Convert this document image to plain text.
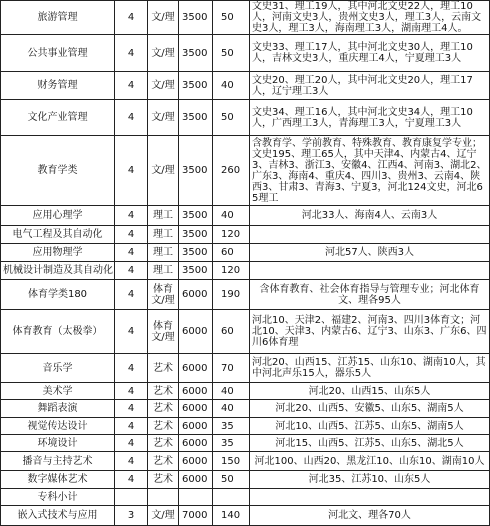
旅游管理	4	文/理	3500	50	文史31、理工19人，其中河北文史22人，理工10人，河南文史3人，贵州文史3人，理工3人，云南文史3人，理工3人，海南理工3人，湖南理工4人。
公共事业管理	4	文/理	3500	50	文史33、理工17人，其中河北文史30人，理工10人，吉林文史3人，重庆理工4人，宁夏理工3人
财务管理	4	文/理	3500	40	文史20、理工20人，其中河北文史20人，理工17人，辽宁理工3人
文化产业管理	4	文/理	3500	50	文史34、理工16人，其中河北文史34人，理工10人，广西理工3人，青海理工3人，宁夏理工3人
教育学类	4	文/理	3500	260	含教育学、学前教育、特殊教育、教育康复学专业；文史195、理工65人，其中天津4、内蒙古4、辽宁3、吉林3、浙江3、安徽4、江西4、河南3、湖北2、广东3、海南4、重庆4、四川3、贵州3、云南4、陕西3、甘肃3、青海3、宁夏3，河北124文史，河北65理工
应用心理学	4	理工	3500	40	河北33人、海南4人、云南3人
电气工程及其自动化	4	理工	3500	120	
应用物理学	4	理工	3500	60	河北57人、陕西3人
机械设计制造及其自动化	4	理工	3500	120	
体育学类180	4	体育文/理	6000	190	含体育教育、社会体育指导与管理专业；河北体育文、理各95人
体育教育（太极拳）	4	体育文/理	6000	60	河北10、天津2、福建2、河南3、四川3体育文；河北10、天津3、内蒙古6、辽宁3、山东3、广东6、四川6体育理
音乐学	4	艺术	6000	70	河北20、山西15、江苏15、山东10、湖南10人，其中河北声乐15人，器乐5人
美术学	4	艺术	6000	40	河北20、山西15、山东5人
舞蹈表演	4	艺术	6000	40	河北20、山西5、安徽5、山东5、湖南5人
视觉传达设计	4	艺术	6000	35	河北10、山西5、江苏5、山东5、湖南5人
环境设计	4	艺术	6000	35	河北15、山西5、江苏5、山东5、湖北5人
播音与主持艺术	4	艺术	6000	150	河北100、山西20、黑龙江10、山东10、湖南10人
数字媒体艺术	4	艺术	6000	50	河北35、江苏10、山东5人
专科小计					
嵌入式技术与应用	3	文/理	7000	140	河北文、理各70人
